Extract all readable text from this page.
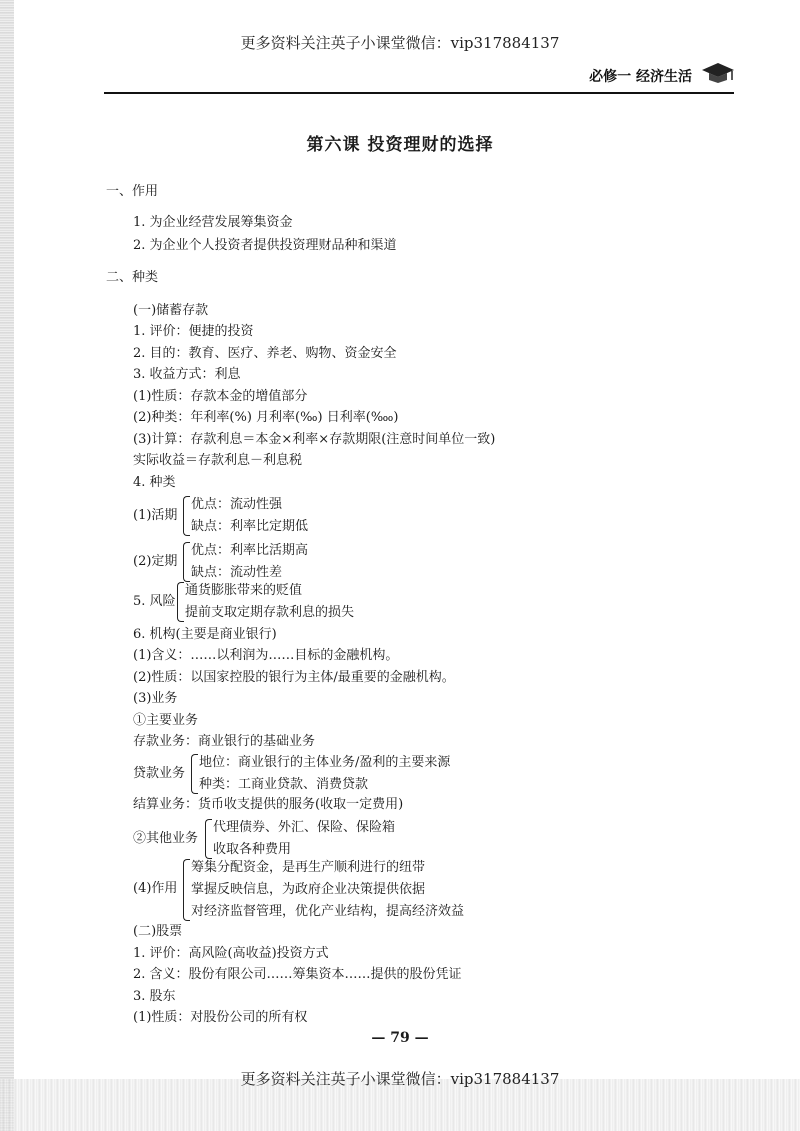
更多资料关注英子小课堂微信：vip317884137
必修一 经济生活
第六课 投资理财的选择
一、作用
1. 为企业经营发展筹集资金
2. 为企业个人投资者提供投资理财品种和渠道
二、种类
(一)储蓄存款
1. 评价：便捷的投资
2. 目的：教育、医疗、养老、购物、资金安全
3. 收益方式：利息
(1)性质：存款本金的增值部分
(2)种类：年利率(%) 月利率(‰) 日利率(‱)
(3)计算：存款利息＝本金×利率×存款期限(注意时间单位一致)
实际收益＝存款利息－利息税
4. 种类
(1)活期
优点：流动性强
缺点：利率比定期低
(2)定期
优点：利率比活期高
缺点：流动性差
5. 风险
通货膨胀带来的贬值
提前支取定期存款利息的损失
6. 机构(主要是商业银行)
(1)含义：……以利润为……目标的金融机构。
(2)性质：以国家控股的银行为主体/最重要的金融机构。
(3)业务
①主要业务
存款业务：商业银行的基础业务
贷款业务
地位：商业银行的主体业务/盈利的主要来源
种类：工商业贷款、消费贷款
结算业务：货币收支提供的服务(收取一定费用)
②其他业务
代理债券、外汇、保险、保险箱
收取各种费用
(4)作用
筹集分配资金，是再生产顺利进行的纽带
掌握反映信息，为政府企业决策提供依据
对经济监督管理，优化产业结构，提高经济效益
(二)股票
1. 评价：高风险(高收益)投资方式
2. 含义：股份有限公司……筹集资本……提供的股份凭证
3. 股东
(1)性质：对股份公司的所有权
— 79 —
更多资料关注英子小课堂微信：vip317884137
